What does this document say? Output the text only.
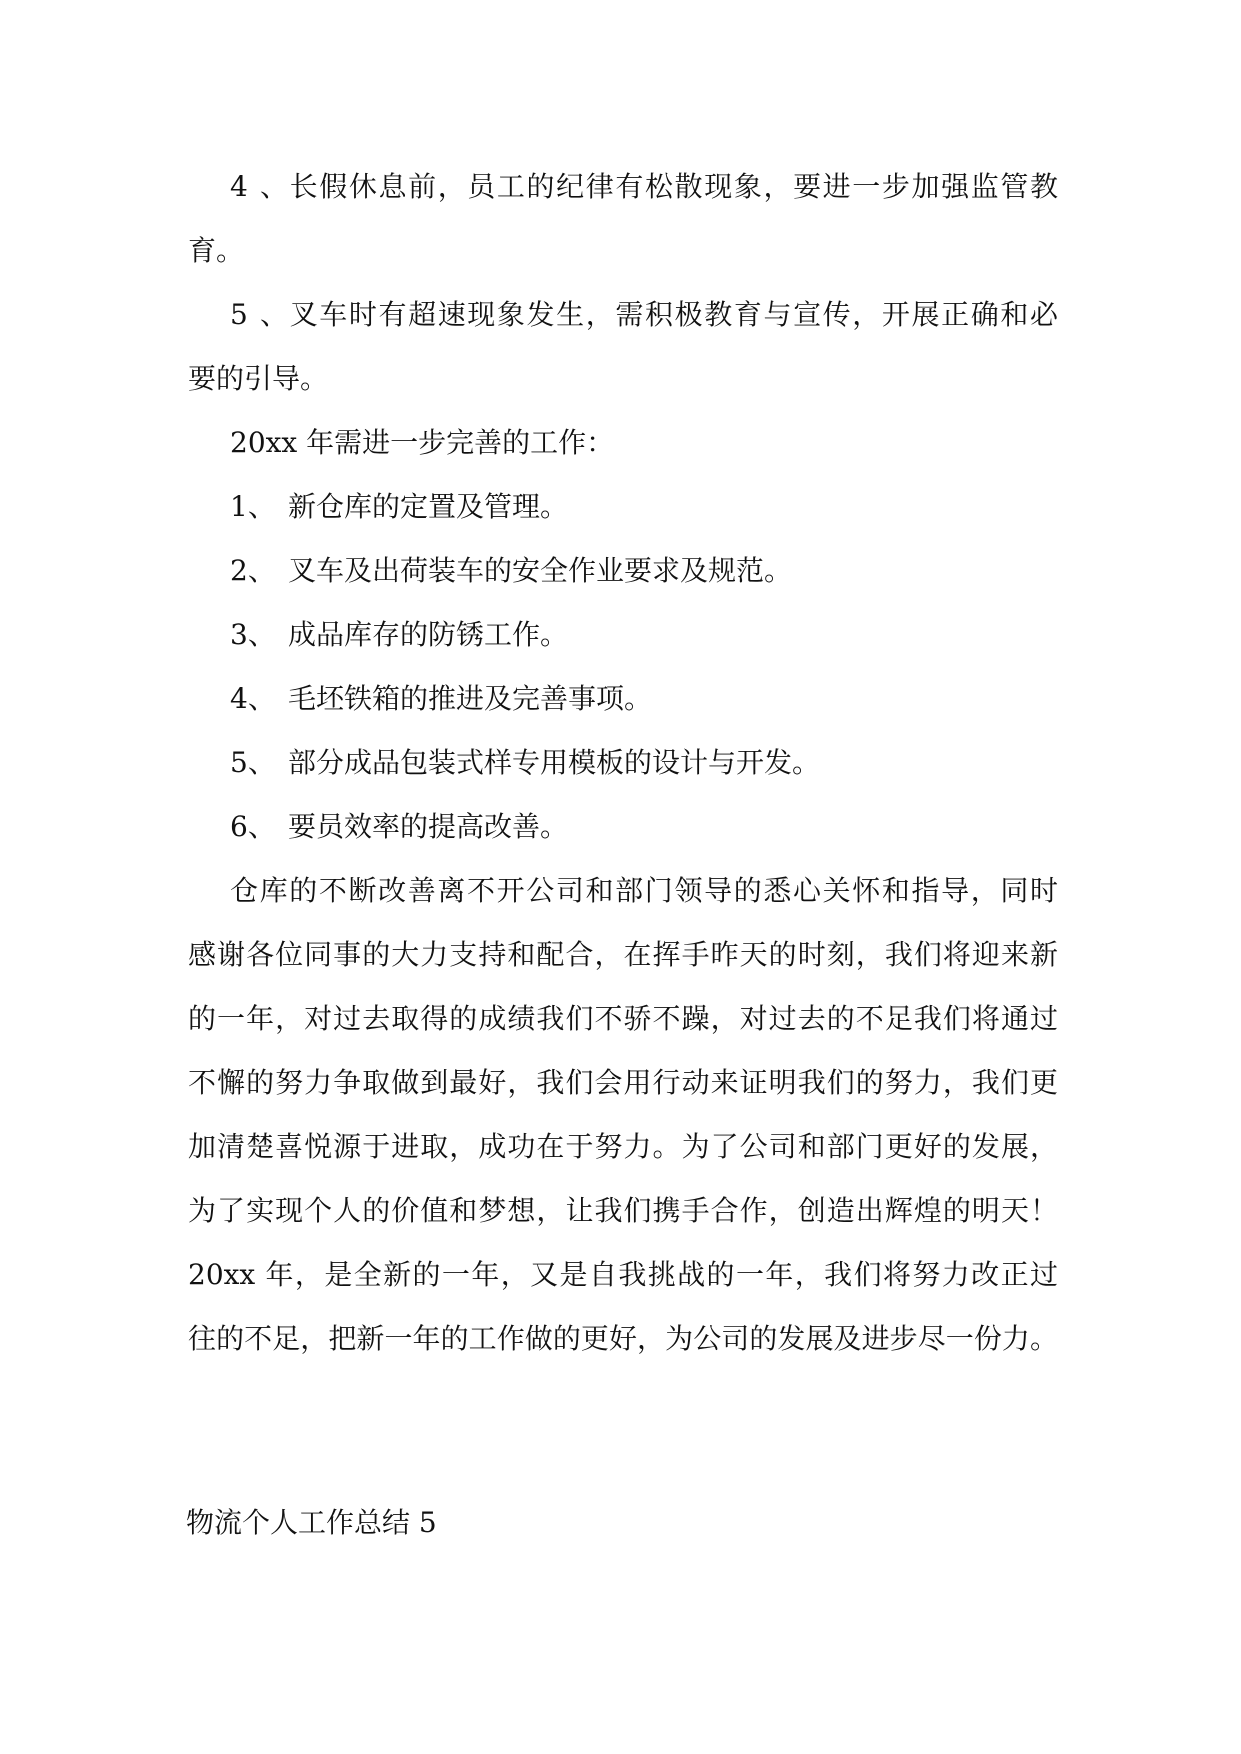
4、长假休息前，员工的纪律有松散现象，要进一步加强监管教
育。
5、叉车时有超速现象发生，需积极教育与宣传，开展正确和必
要的引导。
20xx 年需进一步完善的工作：
1、 新仓库的定置及管理。
2、 叉车及出荷装车的安全作业要求及规范。
3、 成品库存的防锈工作。
4、 毛坯铁箱的推进及完善事项。
5、 部分成品包装式样专用模板的设计与开发。
6、 要员效率的提高改善。
仓库的不断改善离不开公司和部门领导的悉心关怀和指导，同时
感谢各位同事的大力支持和配合，在挥手昨天的时刻，我们将迎来新
的一年，对过去取得的成绩我们不骄不躁，对过去的不足我们将通过
不懈的努力争取做到最好，我们会用行动来证明我们的努力，我们更
加清楚喜悦源于进取，成功在于努力。为了公司和部门更好的发展，
为了实现个人的价值和梦想，让我们携手合作，创造出辉煌的明天！
20xx 年，是全新的一年，又是自我挑战的一年，我们将努力改正过
往的不足，把新一年的工作做的更好，为公司的发展及进步尽一份力。
物流个人工作总结 5
